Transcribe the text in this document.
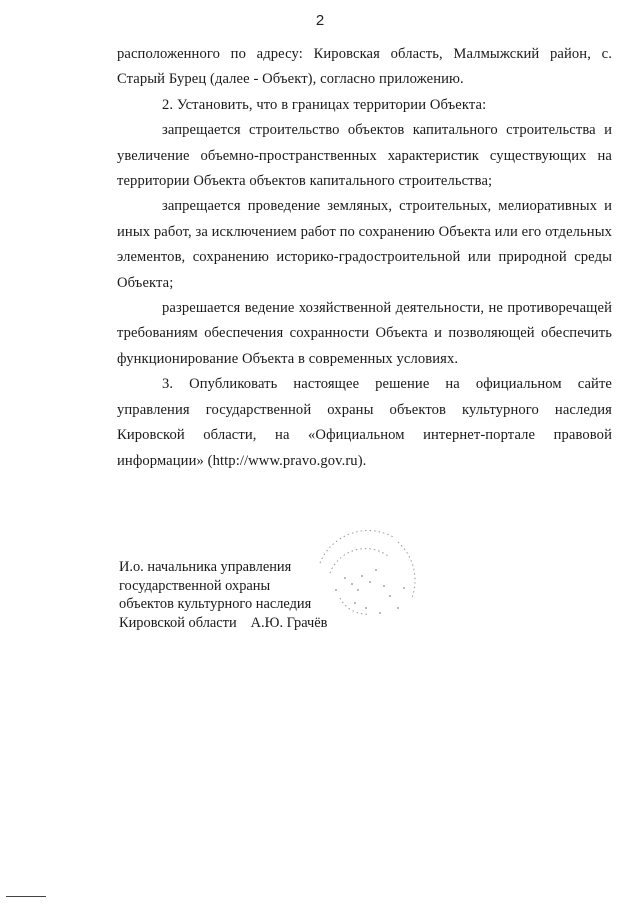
2

расположенного по адресу: Кировская область, Малмыжский район, с. Старый Бурец (далее - Объект), согласно приложению.

2. Установить, что в границах территории Объекта:

запрещается строительство объектов капитального строительства и увеличение объемно-пространственных характеристик существующих на территории Объекта объектов капитального строительства;

запрещается проведение земляных, строительных, мелиоративных и иных работ, за исключением работ по сохранению Объекта или его отдельных элементов, сохранению историко-градостроительной или природной среды Объекта;

разрешается ведение хозяйственной деятельности, не противоречащей требованиям обеспечения сохранности Объекта и позволяющей обеспечить функционирование Объекта в современных условиях.

3. Опубликовать настоящее решение на официальном сайте управления государственной охраны объектов культурного наследия Кировской области, на «Официальном интернет-портале правовой информации» (http://www.pravo.gov.ru).

И.о. начальника управления
государственной охраны
объектов культурного наследия
Кировской области А.Ю. Грачёв
